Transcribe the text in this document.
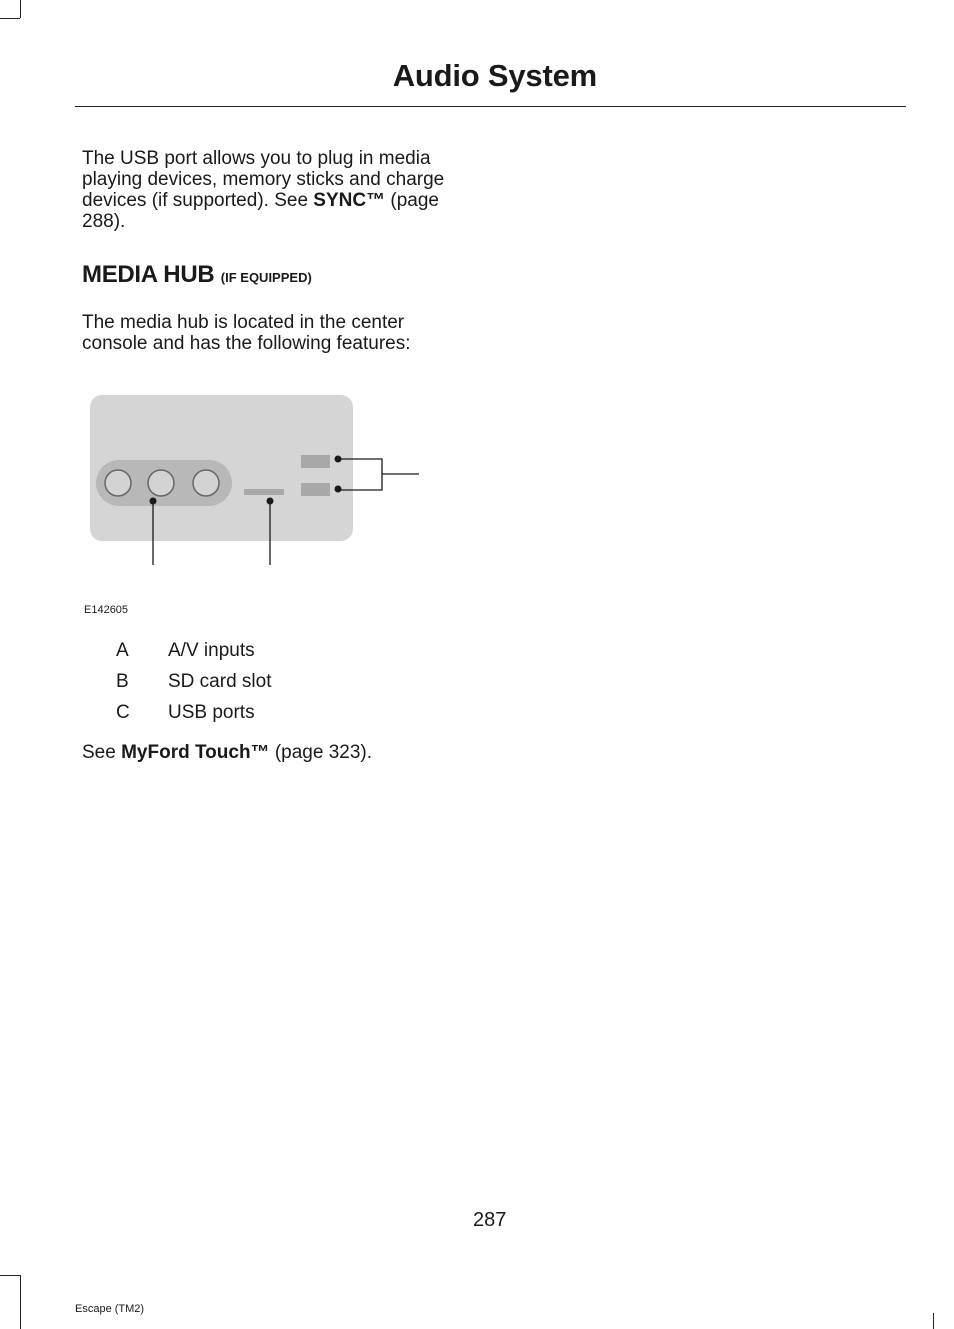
Audio System
The USB port allows you to plug in media playing devices, memory sticks and charge devices (if supported). See SYNC™ (page 288).
MEDIA HUB (IF EQUIPPED)
The media hub is located in the center console and has the following features:
E142605
A A/V inputs
B SD card slot
C USB ports
See MyFord Touch™ (page 323).
287
Escape (TM2)
